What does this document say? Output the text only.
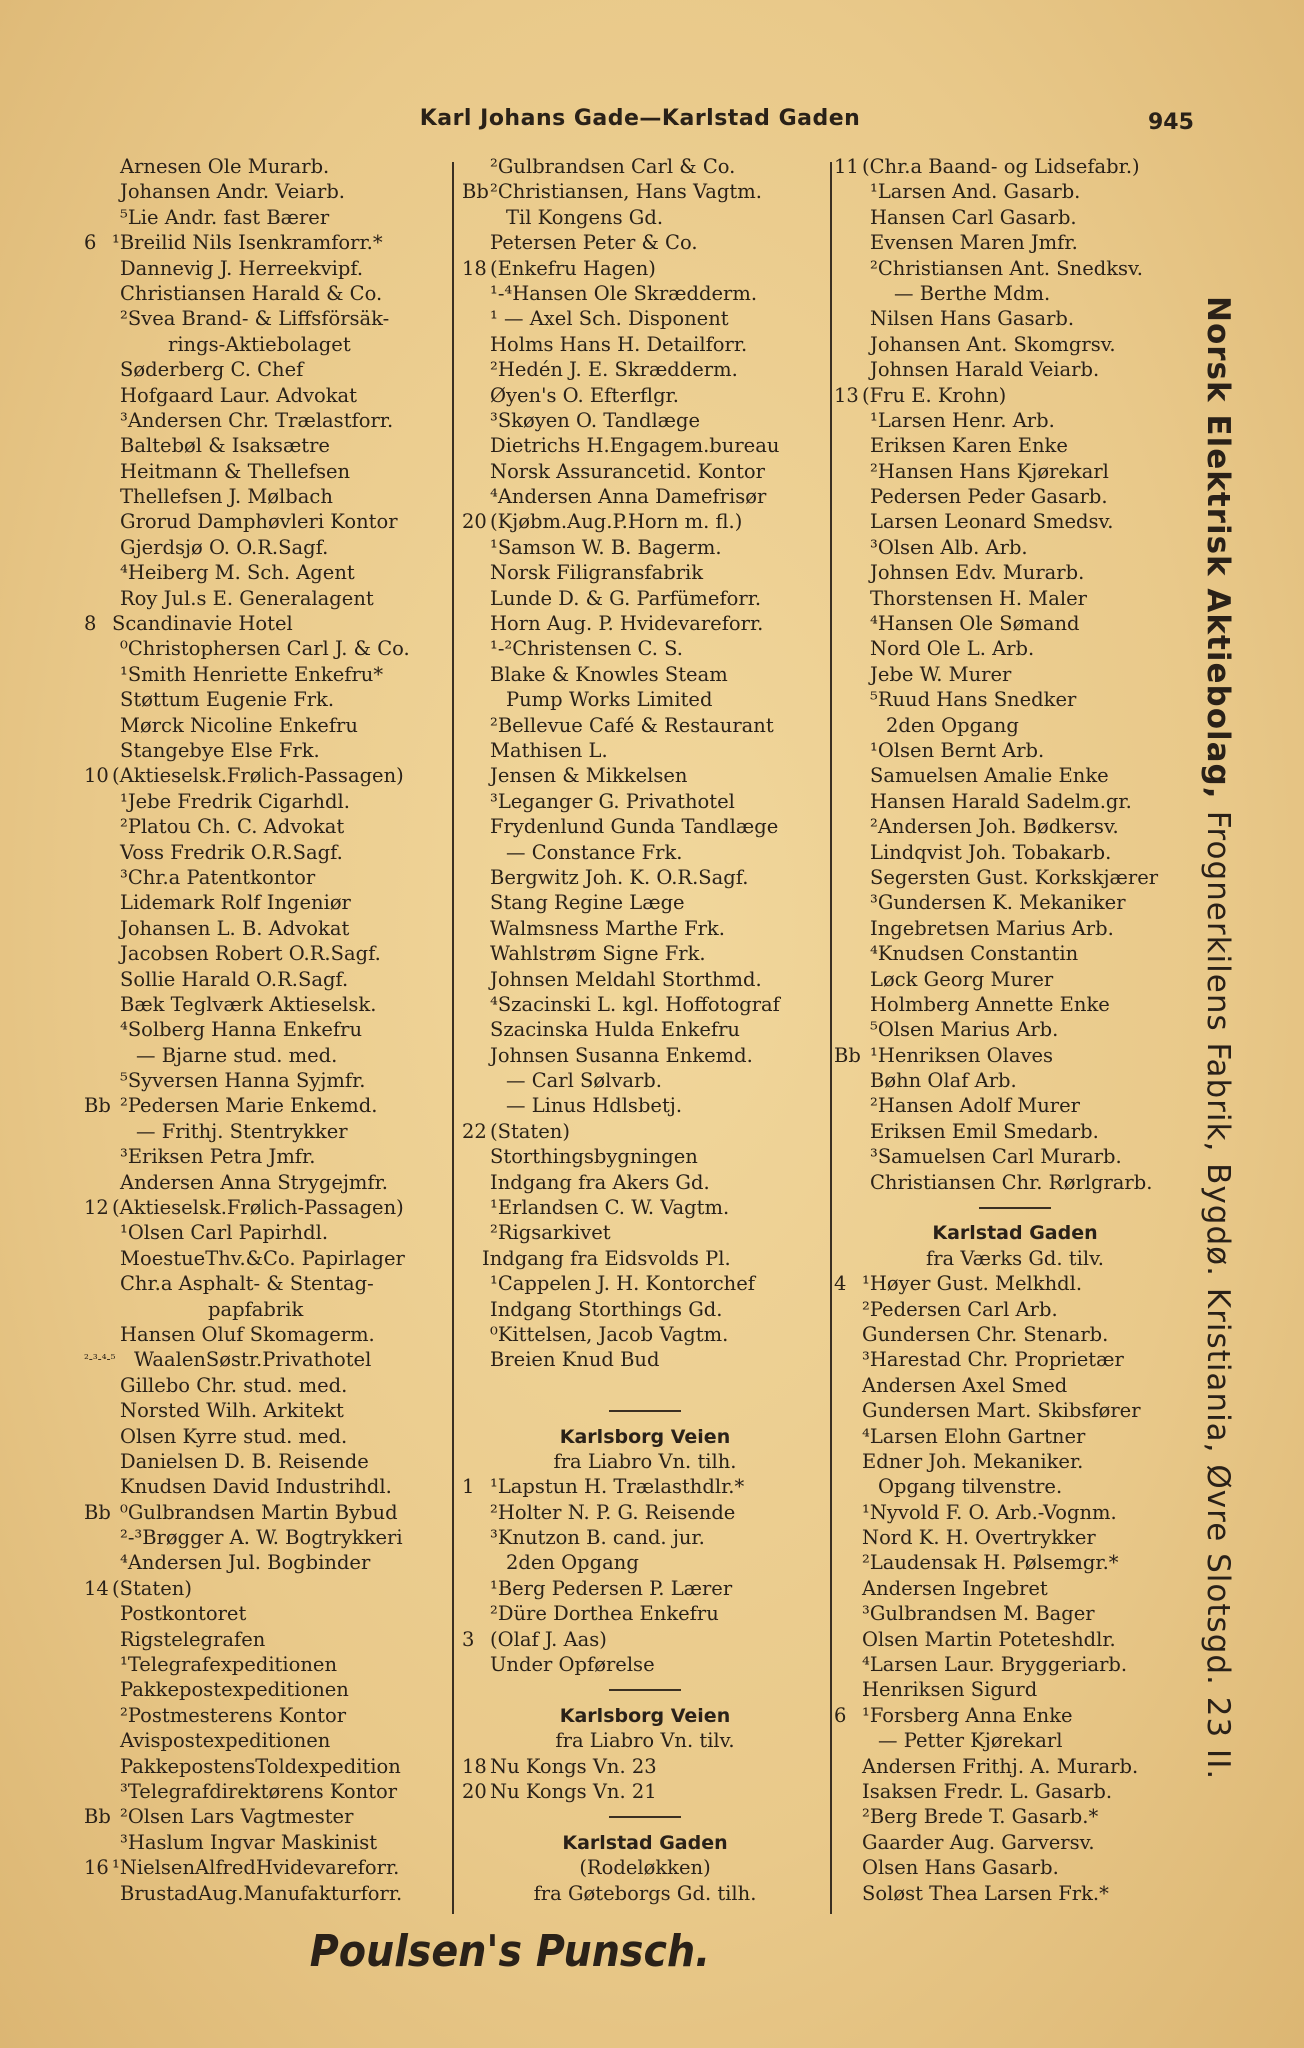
Karl Johans Gade—Karlstad Gaden	945
Arnesen Ole Murarb.
Johansen Andr. Veiarb.
⁵Lie Andr. fast Bærer
6 ¹Breilid Nils Isenkramforr.*
Dannevig J. Herreekvipf.
Christiansen Harald & Co.
²Svea Brand- & Liffsförsäk-
rings-Aktiebolaget
Søderberg C. Chef
Hofgaard Laur. Advokat
³Andersen Chr. Trælastforr.
Baltebøl & Isaksætre
Heitmann & Thellefsen
Thellefsen J. Mølbach
Grorud Damphøvleri Kontor
Gjerdsjø O. O.R.Sagf.
⁴Heiberg M. Sch. Agent
Roy Jul.s E. Generalagent
8 Scandinavie Hotel
⁰Christophersen Carl J. & Co.
¹Smith Henriette Enkefru*
Støttum Eugenie Frk.
Mørck Nicoline Enkefru
Stangebye Else Frk.
10 (Aktieselsk.Frølich-Passagen)
¹Jebe Fredrik Cigarhdl.
²Platou Ch. C. Advokat
Voss Fredrik O.R.Sagf.
³Chr.a Patentkontor
Lidemark Rolf Ingeniør
Johansen L. B. Advokat
Jacobsen Robert O.R.Sagf.
Sollie Harald O.R.Sagf.
Bæk Teglværk Aktieselsk.
⁴Solberg Hanna Enkefru
— Bjarne stud. med.
⁵Syversen Hanna Syjmfr.
Bb ²Pedersen Marie Enkemd.
— Frithj. Stentrykker
³Eriksen Petra Jmfr.
Andersen Anna Strygejmfr.
12 (Aktieselsk.Frølich-Passagen)
¹Olsen Carl Papirhdl.
MoestueThv.&Co. Papirlager
Chr.a Asphalt- & Stentag-
papfabrik
Hansen Oluf Skomagerm.
²-³-⁴-⁵ WaalenSøstr.Privathotel
Gillebo Chr. stud. med.
Norsted Wilh. Arkitekt
Olsen Kyrre stud. med.
Danielsen D. B. Reisende
Knudsen David Industrihdl.
Bb ⁰Gulbrandsen Martin Bybud
²-³Brøgger A. W. Bogtrykkeri
⁴Andersen Jul. Bogbinder
14 (Staten)
Postkontoret
Rigstelegrafen
¹Telegrafexpeditionen
Pakkepostexpeditionen
²Postmesterens Kontor
Avispostexpeditionen
PakkepostensToldexpedition
³Telegrafdirektørens Kontor
Bb ²Olsen Lars Vagtmester
³Haslum Ingvar Maskinist
16 ¹NielsenAlfredHvidevareforr.
BrustadAug.Manufakturforr.
²Gulbrandsen Carl & Co.
Bb ²Christiansen, Hans Vagtm.
Til Kongens Gd.
Petersen Peter & Co.
18 (Enkefru Hagen)
¹-⁴Hansen Ole Skrædderm.
¹ — Axel Sch. Disponent
Holms Hans H. Detailforr.
²Hedén J. E. Skrædderm.
Øyen's O. Efterflgr.
³Skøyen O. Tandlæge
Dietrichs H.Engagem.bureau
Norsk Assurancetid. Kontor
⁴Andersen Anna Damefrisør
20 (Kjøbm.Aug.P.Horn m. fl.)
¹Samson W. B. Bagerm.
Norsk Filigransfabrik
Lunde D. & G. Parfümeforr.
Horn Aug. P. Hvidevareforr.
¹-²Christensen C. S.
Blake & Knowles Steam
Pump Works Limited
²Bellevue Café & Restaurant
Mathisen L.
Jensen & Mikkelsen
³Leganger G. Privathotel
Frydenlund Gunda Tandlæge
— Constance Frk.
Bergwitz Joh. K. O.R.Sagf.
Stang Regine Læge
Walmsness Marthe Frk.
Wahlstrøm Signe Frk.
Johnsen Meldahl Storthmd.
⁴Szacinski L. kgl. Hoffotograf
Szacinska Hulda Enkefru
Johnsen Susanna Enkemd.
— Carl Sølvarb.
— Linus Hdlsbetj.
22 (Staten)
Storthingsbygningen
Indgang fra Akers Gd.
¹Erlandsen C. W. Vagtm.
²Rigsarkivet
Indgang fra Eidsvolds Pl.
¹Cappelen J. H. Kontorchef
Indgang Storthings Gd.
⁰Kittelsen, Jacob Vagtm.
Breien Knud Bud
Karlsborg Veien
fra Liabro Vn. tilh.
1 ¹Lapstun H. Trælasthdlr.*
²Holter N. P. G. Reisende
³Knutzon B. cand. jur.
2den Opgang
¹Berg Pedersen P. Lærer
²Düre Dorthea Enkefru
3 (Olaf J. Aas)
Under Opførelse
Karlsborg Veien
fra Liabro Vn. tilv.
18 Nu Kongs Vn. 23
20 Nu Kongs Vn. 21
Karlstad Gaden
(Rodeløkken)
fra Gøteborgs Gd. tilh.
11 (Chr.a Baand- og Lidsefabr.)
¹Larsen And. Gasarb.
Hansen Carl Gasarb.
Evensen Maren Jmfr.
²Christiansen Ant. Snedksv.
— Berthe Mdm.
Nilsen Hans Gasarb.
Johansen Ant. Skomgrsv.
Johnsen Harald Veiarb.
13 (Fru E. Krohn)
¹Larsen Henr. Arb.
Eriksen Karen Enke
²Hansen Hans Kjørekarl
Pedersen Peder Gasarb.
Larsen Leonard Smedsv.
³Olsen Alb. Arb.
Johnsen Edv. Murarb.
Thorstensen H. Maler
⁴Hansen Ole Sømand
Nord Ole L. Arb.
Jebe W. Murer
⁵Ruud Hans Snedker
2den Opgang
¹Olsen Bernt Arb.
Samuelsen Amalie Enke
Hansen Harald Sadelm.gr.
²Andersen Joh. Bødkersv.
Lindqvist Joh. Tobakarb.
Segersten Gust. Korkskjærer
³Gundersen K. Mekaniker
Ingebretsen Marius Arb.
⁴Knudsen Constantin
Løck Georg Murer
Holmberg Annette Enke
⁵Olsen Marius Arb.
Bb ¹Henriksen Olaves
Bøhn Olaf Arb.
²Hansen Adolf Murer
Eriksen Emil Smedarb.
³Samuelsen Carl Murarb.
Christiansen Chr. Rørlgrarb.
Karlstad Gaden
fra Værks Gd. tilv.
4 ¹Høyer Gust. Melkhdl.
²Pedersen Carl Arb.
Gundersen Chr. Stenarb.
³Harestad Chr. Proprietær
Andersen Axel Smed
Gundersen Mart. Skibsfører
⁴Larsen Elohn Gartner
Edner Joh. Mekaniker.
Opgang tilvenstre.
¹Nyvold F. O. Arb.-Vognm.
Nord K. H. Overtrykker
²Laudensak H. Pølsemgr.*
Andersen Ingebret
³Gulbrandsen M. Bager
Olsen Martin Poteteshdlr.
⁴Larsen Laur. Bryggeriarb.
Henriksen Sigurd
6 ¹Forsberg Anna Enke
— Petter Kjørekarl
Andersen Frithj. A. Murarb.
Isaksen Fredr. L. Gasarb.
²Berg Brede T. Gasarb.*
Gaarder Aug. Garversv.
Olsen Hans Gasarb.
Soløst Thea Larsen Frk.*
Norsk Elektrisk Aktiebolag, Frognerkilens Fabrik, Bygdø. Kristiania, Øvre Slotsgd. 23 II.
Poulsen's Punsch.
